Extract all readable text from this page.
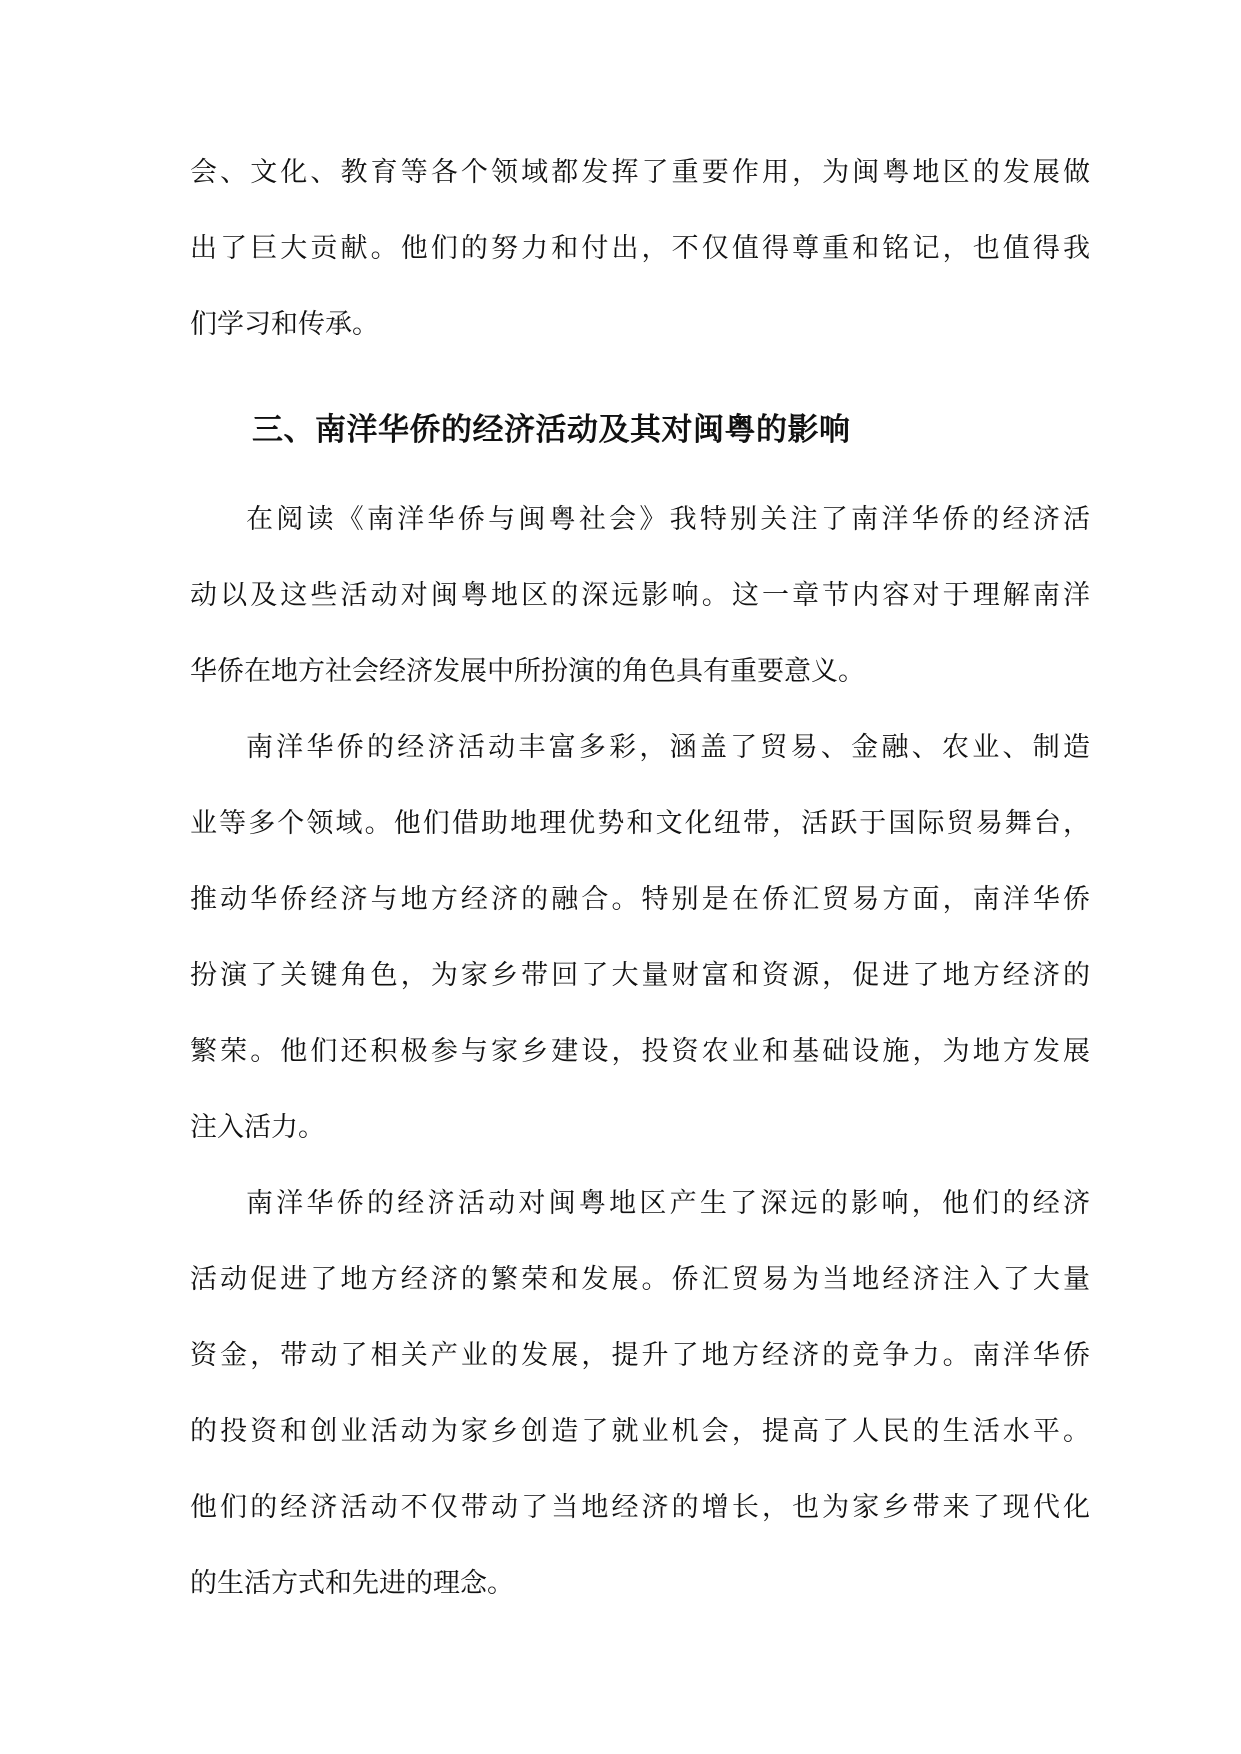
会、文化、教育等各个领域都发挥了重要作用，为闽粤地区的发展做
出了巨大贡献。他们的努力和付出，不仅值得尊重和铭记，也值得我
们学习和传承。
三、南洋华侨的经济活动及其对闽粤的影响
在阅读《南洋华侨与闽粤社会》我特别关注了南洋华侨的经济活
动以及这些活动对闽粤地区的深远影响。这一章节内容对于理解南洋
华侨在地方社会经济发展中所扮演的角色具有重要意义。
南洋华侨的经济活动丰富多彩，涵盖了贸易、金融、农业、制造
业等多个领域。他们借助地理优势和文化纽带，活跃于国际贸易舞台，
推动华侨经济与地方经济的融合。特别是在侨汇贸易方面，南洋华侨
扮演了关键角色，为家乡带回了大量财富和资源，促进了地方经济的
繁荣。他们还积极参与家乡建设，投资农业和基础设施，为地方发展
注入活力。
南洋华侨的经济活动对闽粤地区产生了深远的影响，他们的经济
活动促进了地方经济的繁荣和发展。侨汇贸易为当地经济注入了大量
资金，带动了相关产业的发展，提升了地方经济的竞争力。南洋华侨
的投资和创业活动为家乡创造了就业机会，提高了人民的生活水平。
他们的经济活动不仅带动了当地经济的增长，也为家乡带来了现代化
的生活方式和先进的理念。
